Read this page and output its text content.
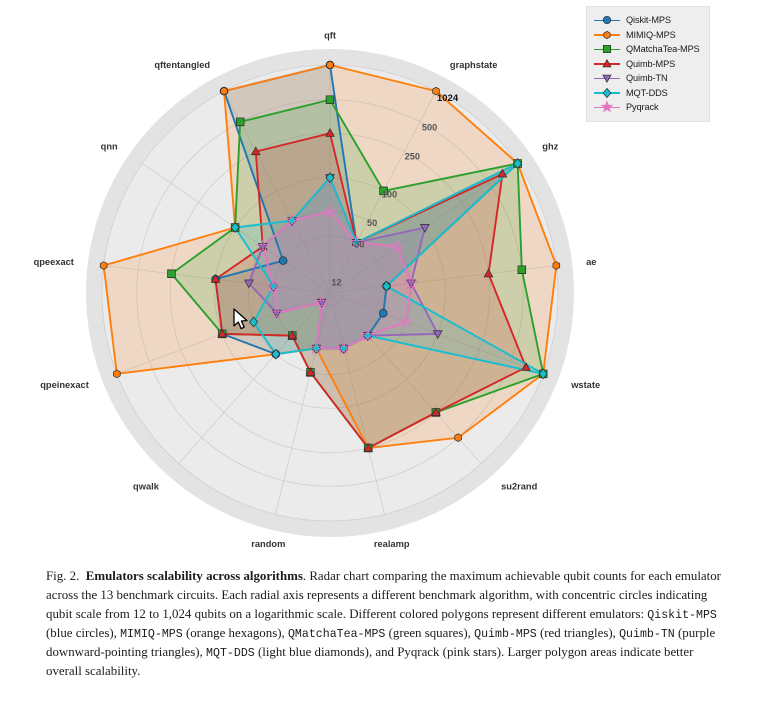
12
30
50
100
250
500
1024
qft
graphstate
ghz
ae
wstate
su2rand
realamp
random
qwalk
qpeinexact
qpeexact
qnn
qftentangled
Qiskit-MPS
MIMIQ-MPS
QMatchaTea-MPS
Quimb-MPS
Quimb-TN
MQT-DDS
Pyqrack
Fig. 2. Emulators scalability across algorithms. Radar chart comparing the maximum achievable qubit counts for each emulator across the 13 benchmark circuits. Each radial axis represents a different benchmark algorithm, with concentric circles indicating qubit scale from 12 to 1,024 qubits on a logarithmic scale. Different colored polygons represent different emulators: Qiskit-MPS (blue circles), MIMIQ-MPS (orange hexagons), QMatchaTea-MPS (green squares), Quimb-MPS (red triangles), Quimb-TN (purple downward-pointing triangles), MQT-DDS (light blue diamonds), and Pyqrack (pink stars). Larger polygon areas indicate better overall scalability.
